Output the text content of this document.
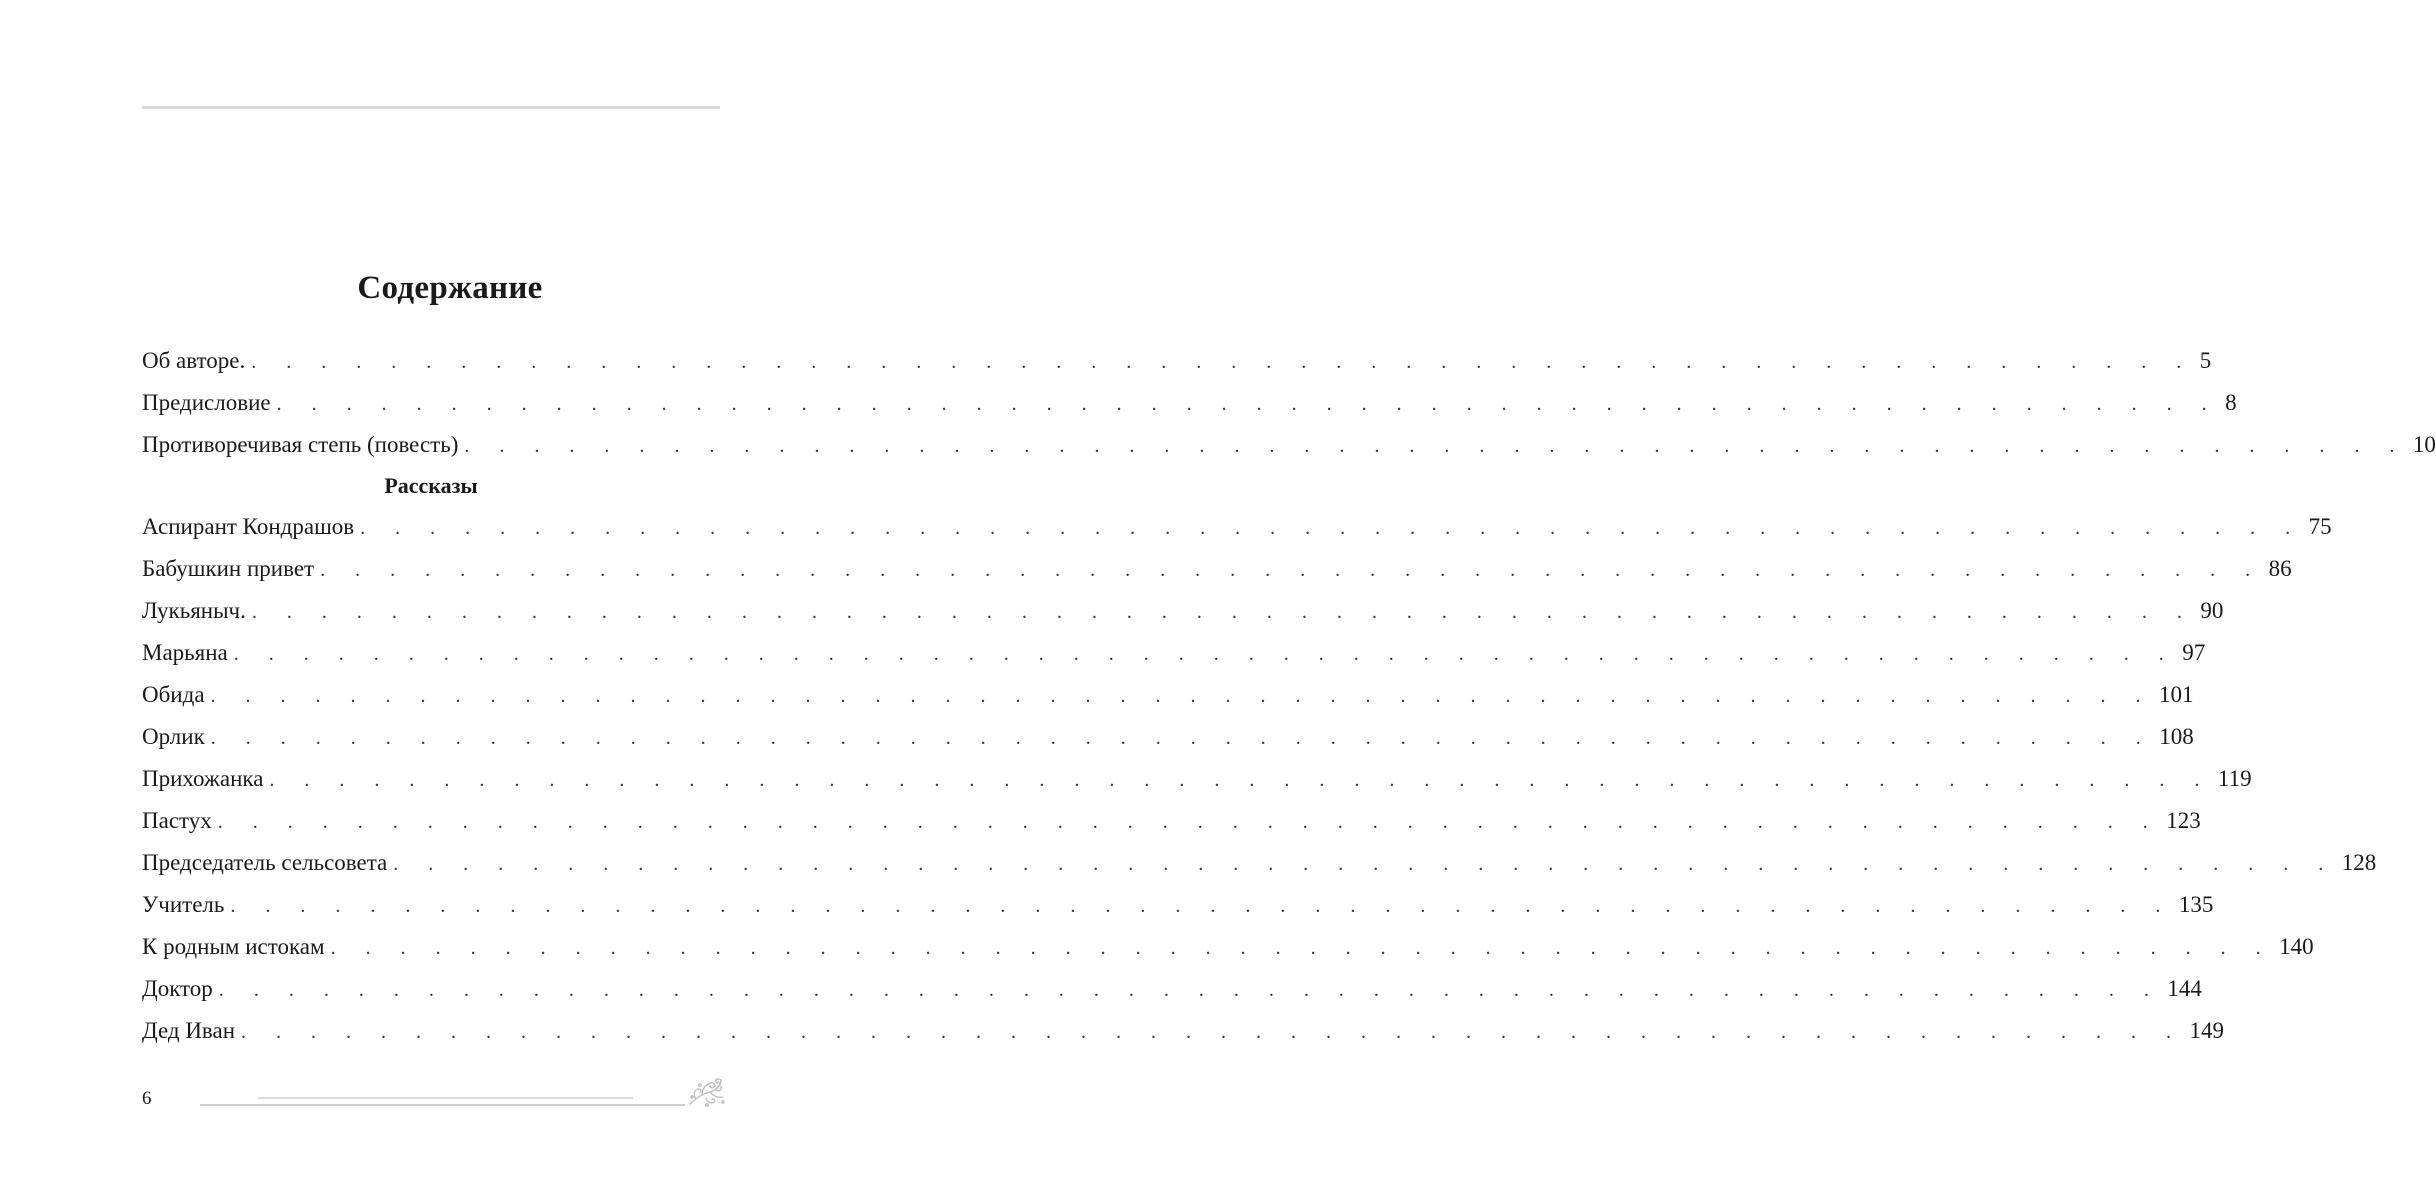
Содержание
Об авторе. . . . . . . . . . . . . . . . . . . . . . . . . . . . . . . . . . . . . . . . . . . . . . . . . . . . . . . . . 5
Предисловие . . . . . . . . . . . . . . . . . . . . . . . . . . . . . . . . . . . . . . . . . . . . . . . . . . . . . . . . 8
Противоречивая степь (повесть) . . . . . . . . . . . . . . . . . . . . . . . . . . . . . . . . . . . . . . . . . . . . . . . . . . . . . . . . 10
Рассказы
Аспирант Кондрашов . . . . . . . . . . . . . . . . . . . . . . . . . . . . . . . . . . . . . . . . . . . . . . . . . . . . . . . . 75
Бабушкин привет . . . . . . . . . . . . . . . . . . . . . . . . . . . . . . . . . . . . . . . . . . . . . . . . . . . . . . . . 86
Лукьяныч. . . . . . . . . . . . . . . . . . . . . . . . . . . . . . . . . . . . . . . . . . . . . . . . . . . . . . . . . 90
Марьяна . . . . . . . . . . . . . . . . . . . . . . . . . . . . . . . . . . . . . . . . . . . . . . . . . . . . . . . . 97
Обида . . . . . . . . . . . . . . . . . . . . . . . . . . . . . . . . . . . . . . . . . . . . . . . . . . . . . . . . 101
Орлик . . . . . . . . . . . . . . . . . . . . . . . . . . . . . . . . . . . . . . . . . . . . . . . . . . . . . . . . 108
Прихожанка . . . . . . . . . . . . . . . . . . . . . . . . . . . . . . . . . . . . . . . . . . . . . . . . . . . . . . . . 119
Пастух . . . . . . . . . . . . . . . . . . . . . . . . . . . . . . . . . . . . . . . . . . . . . . . . . . . . . . . . 123
Председатель сельсовета . . . . . . . . . . . . . . . . . . . . . . . . . . . . . . . . . . . . . . . . . . . . . . . . . . . . . . . . 128
Учитель . . . . . . . . . . . . . . . . . . . . . . . . . . . . . . . . . . . . . . . . . . . . . . . . . . . . . . . . 135
К родным истокам . . . . . . . . . . . . . . . . . . . . . . . . . . . . . . . . . . . . . . . . . . . . . . . . . . . . . . . . 140
Доктор . . . . . . . . . . . . . . . . . . . . . . . . . . . . . . . . . . . . . . . . . . . . . . . . . . . . . . . . 144
Дед Иван . . . . . . . . . . . . . . . . . . . . . . . . . . . . . . . . . . . . . . . . . . . . . . . . . . . . . . . . 149
6
